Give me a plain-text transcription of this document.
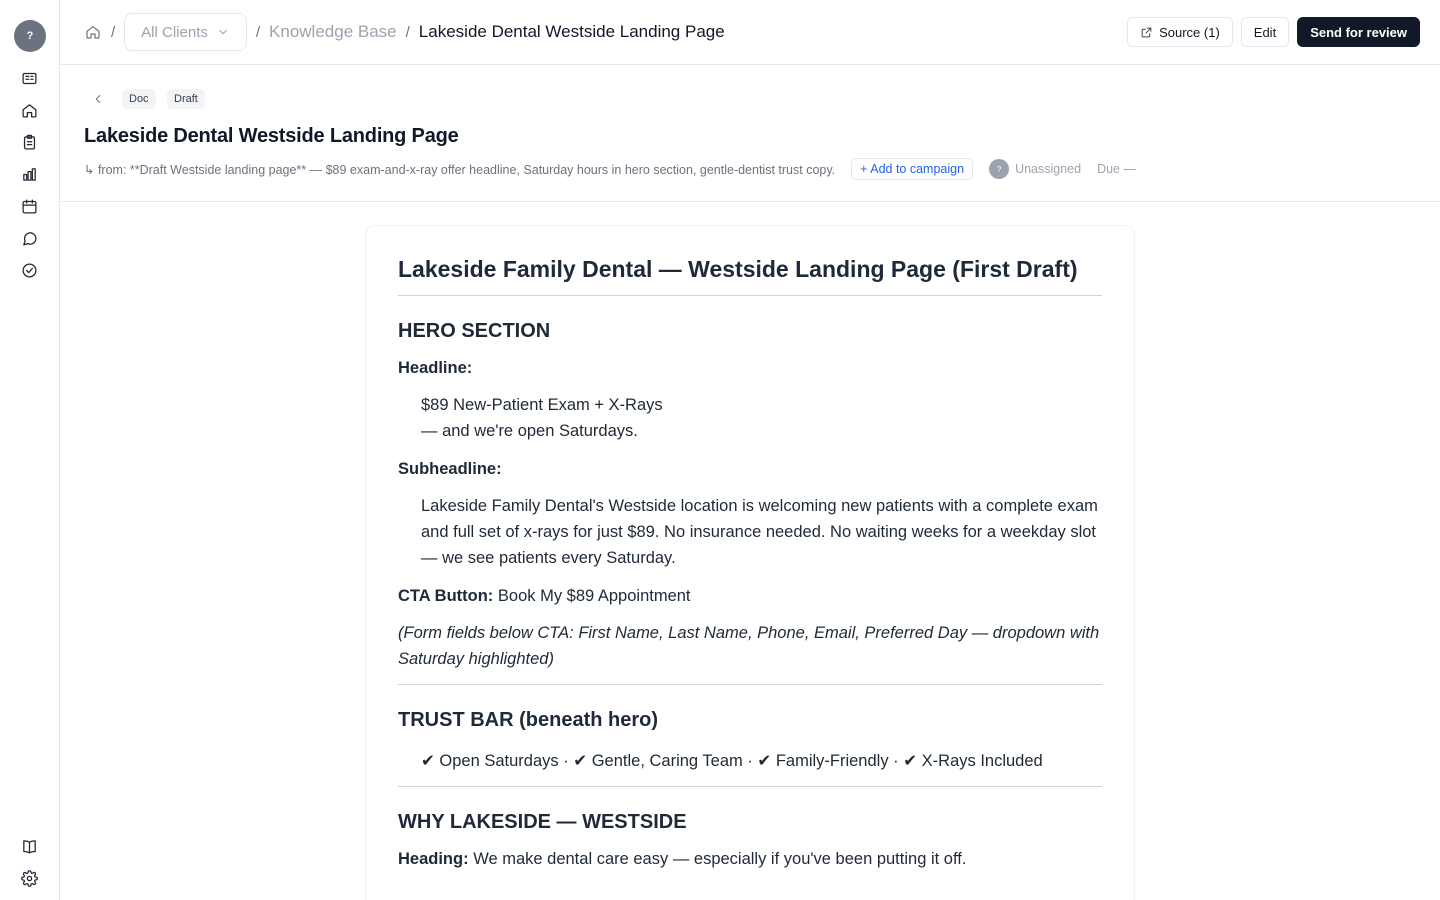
?	/ All Clients	/ Knowledge Base / Lakeside Dental Westside Landing Page	Source (1)	Edit	Send for review
Doc	Draft
Lakeside Dental Westside Landing Page
↳ from: **Draft Westside landing page** — $89 exam-and-x-ray offer headline, Saturday hours in hero section, gentle-dentist trust copy.	+ Add to campaign	?	Unassigned Due —
Lakeside Family Dental — Westside Landing Page (First Draft)
HERO SECTION
Headline:
$89 New-Patient Exam + X-Rays
— and we're open Saturdays.
Subheadline:
Lakeside Family Dental's Westside location is welcoming new patients with a complete exam and full set of x-rays for just $89. No insurance needed. No waiting weeks for a weekday slot — we see patients every Saturday.
CTA Button: Book My $89 Appointment
(Form fields below CTA: First Name, Last Name, Phone, Email, Preferred Day — dropdown with Saturday highlighted)
TRUST BAR (beneath hero)
✔ Open Saturdays · ✔ Gentle, Caring Team · ✔ Family-Friendly · ✔ X-Rays Included
WHY LAKESIDE — WESTSIDE
Heading: We make dental care easy — especially if you've been putting it off.
